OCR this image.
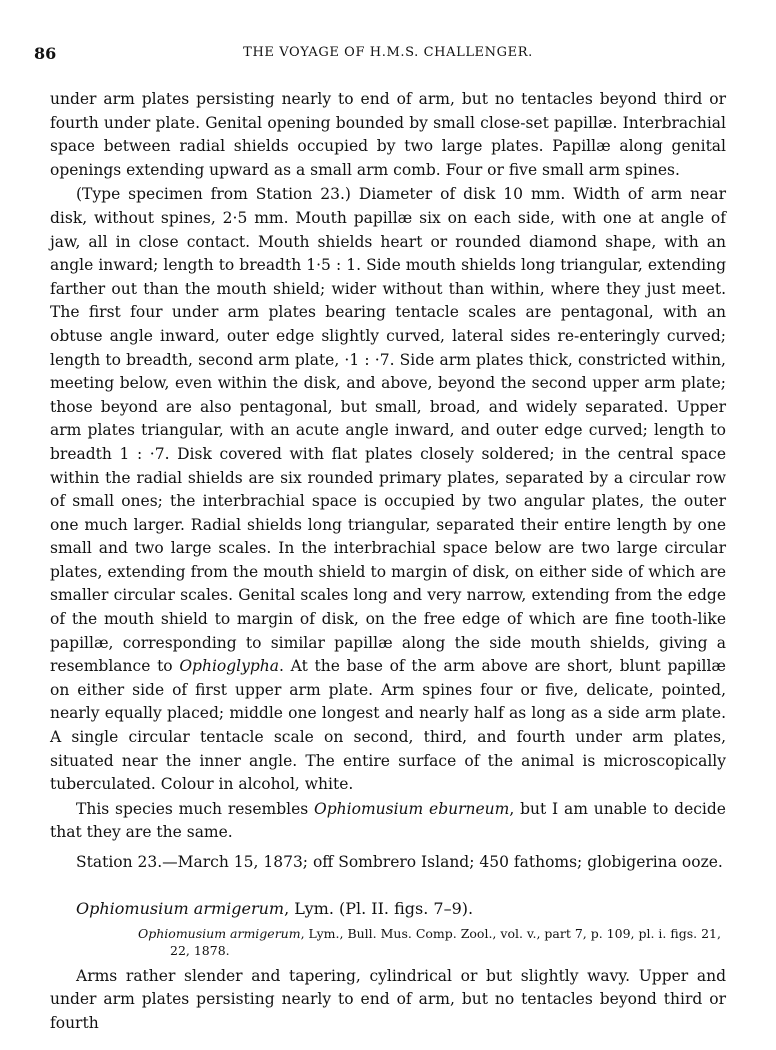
86	THE VOYAGE OF H.M.S. CHALLENGER.

under arm plates persisting nearly to end of arm, but no tentacles beyond third or fourth under plate. Genital opening bounded by small close-set papillæ. Interbrachial space between radial shields occupied by two large plates. Papillæ along genital openings extending upward as a small arm comb. Four or five small arm spines.

(Type specimen from Station 23.) Diameter of disk 10 mm. Width of arm near disk, without spines, 2·5 mm. Mouth papillæ six on each side, with one at angle of jaw, all in close contact. Mouth shields heart or rounded diamond shape, with an angle inward; length to breadth 1·5 : 1. Side mouth shields long triangular, extending farther out than the mouth shield; wider without than within, where they just meet. The first four under arm plates bearing tentacle scales are pentagonal, with an obtuse angle inward, outer edge slightly curved, lateral sides re-enteringly curved; length to breadth, second arm plate, ·1 : ·7. Side arm plates thick, constricted within, meeting below, even within the disk, and above, beyond the second upper arm plate; those beyond are also pentagonal, but small, broad, and widely separated. Upper arm plates triangular, with an acute angle inward, and outer edge curved; length to breadth 1 : ·7. Disk covered with flat plates closely soldered; in the central space within the radial shields are six rounded primary plates, separated by a circular row of small ones; the interbrachial space is occupied by two angular plates, the outer one much larger. Radial shields long triangular, separated their entire length by one small and two large scales. In the interbrachial space below are two large circular plates, extending from the mouth shield to margin of disk, on either side of which are smaller circular scales. Genital scales long and very narrow, extending from the edge of the mouth shield to margin of disk, on the free edge of which are fine tooth-like papillæ, corresponding to similar papillæ along the side mouth shields, giving a resemblance to Ophioglypha. At the base of the arm above are short, blunt papillæ on either side of first upper arm plate. Arm spines four or five, delicate, pointed, nearly equally placed; middle one longest and nearly half as long as a side arm plate. A single circular tentacle scale on second, third, and fourth under arm plates, situated near the inner angle. The entire surface of the animal is microscopically tuberculated. Colour in alcohol, white.

This species much resembles Ophiomusium eburneum, but I am unable to decide that they are the same.

Station 23.—March 15, 1873; off Sombrero Island; 450 fathoms; globigerina ooze.

Ophiomusium armigerum, Lym. (Pl. II. figs. 7–9).

Ophiomusium armigerum, Lym., Bull. Mus. Comp. Zool., vol. v., part 7, p. 109, pl. i. figs. 21,
22, 1878.

Arms rather slender and tapering, cylindrical or but slightly wavy. Upper and under arm plates persisting nearly to end of arm, but no tentacles beyond third or fourth
